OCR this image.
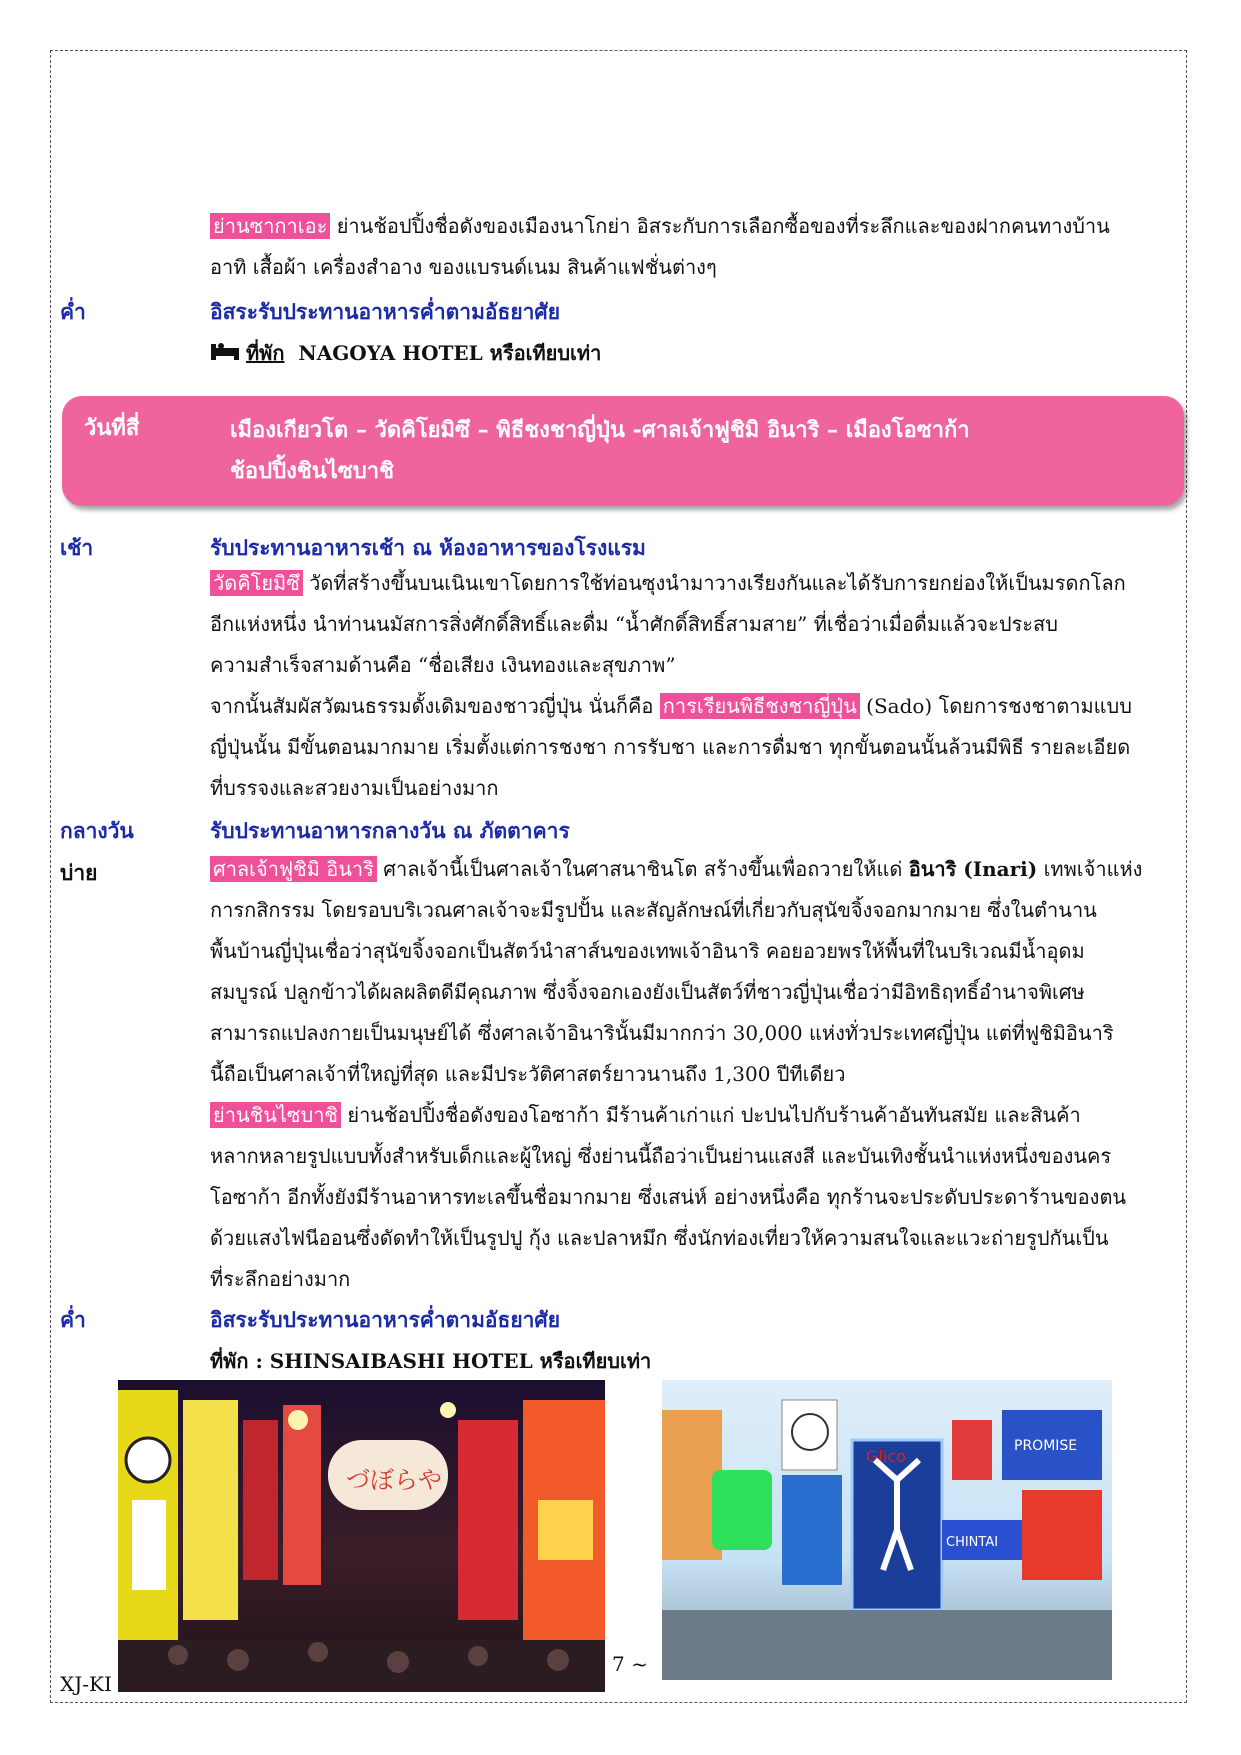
ย่านซากาเอะ ย่านช้อปปิ้งชื่อดังของเมืองนาโกย่า อิสระกับการเลือกซื้อของที่ระลึกและของฝากคนทางบ้าน
อาทิ เสื้อผ้า เครื่องสำอาง ของแบรนด์เนม สินค้าแฟชั่นต่างๆ
ค่ำ	อิสระรับประทานอาหารค่ำตามอัธยาศัย
ที่พัก NAGOYA HOTEL หรือเทียบเท่า
วันที่สี่	เมืองเกียวโต – วัดคิโยมิซึ – พิธีชงชาญี่ปุ่น -ศาลเจ้าฟูชิมิ อินาริ – เมืองโอซาก้า
ช้อปปิ้งชินไซบาชิ
เช้า	รับประทานอาหารเช้า ณ ห้องอาหารของโรงแรม
วัดคิโยมิซึ วัดที่สร้างขึ้นบนเนินเขาโดยการใช้ท่อนซุงนำมาวางเรียงกันและได้รับการยกย่องให้เป็นมรดกโลก
อีกแห่งหนึ่ง นำท่านนมัสการสิ่งศักดิ์สิทธิ์และดื่ม “น้ำศักดิ์สิทธิ์สามสาย” ที่เชื่อว่าเมื่อดื่มแล้วจะประสบ
ความสำเร็จสามด้านคือ “ชื่อเสียง เงินทองและสุขภาพ”
จากนั้นสัมผัสวัฒนธรรมดั้งเดิมของชาวญี่ปุ่น นั่นก็คือ การเรียนพิธีชงชาญี่ปุ่น (Sado) โดยการชงชาตามแบบ
ญี่ปุ่นนั้น มีขั้นตอนมากมาย เริ่มตั้งแต่การชงชา การรับชา และการดื่มชา ทุกขั้นตอนนั้นล้วนมีพิธี รายละเอียด
ที่บรรจงและสวยงามเป็นอย่างมาก
กลางวัน	รับประทานอาหารกลางวัน ณ ภัตตาคาร
บ่าย	ศาลเจ้าฟูชิมิ อินาริ ศาลเจ้านี้เป็นศาลเจ้าในศาสนาชินโต สร้างขึ้นเพื่อถวายให้แด่ อินาริ (Inari) เทพเจ้าแห่ง
การกสิกรรม โดยรอบบริเวณศาลเจ้าจะมีรูปปั้น และสัญลักษณ์ที่เกี่ยวกับสุนัขจิ้งจอกมากมาย ซึ่งในตำนาน
พื้นบ้านญี่ปุ่นเชื่อว่าสุนัขจิ้งจอกเป็นสัตว์นำสาส์นของเทพเจ้าอินาริ คอยอวยพรให้พื้นที่ในบริเวณมีน้ำอุดม
สมบูรณ์ ปลูกข้าวได้ผลผลิตดีมีคุณภาพ ซึ่งจิ้งจอกเองยังเป็นสัตว์ที่ชาวญี่ปุ่นเชื่อว่ามีอิทธิฤทธิ์อำนาจพิเศษ
สามารถแปลงกายเป็นมนุษย์ได้ ซึ่งศาลเจ้าอินารินั้นมีมากกว่า 30,000 แห่งทั่วประเทศญี่ปุ่น แต่ที่ฟูชิมิอินาริ
นี้ถือเป็นศาลเจ้าที่ใหญ่ที่สุด และมีประวัติศาสตร์ยาวนานถึง 1,300 ปีทีเดียว
ย่านชินไซบาชิ ย่านช้อปปิ้งชื่อดังของโอซาก้า มีร้านค้าเก่าแก่ ปะปนไปกับร้านค้าอันทันสมัย และสินค้า
หลากหลายรูปแบบทั้งสำหรับเด็กและผู้ใหญ่ ซึ่งย่านนี้ถือว่าเป็นย่านแสงสี และบันเทิงชั้นนำแห่งหนึ่งของนคร
โอซาก้า อีกทั้งยังมีร้านอาหารทะเลขึ้นชื่อมากมาย ซึ่งเสน่ห์ อย่างหนึ่งคือ ทุกร้านจะประดับประดาร้านของตน
ด้วยแสงไฟนีออนซึ่งดัดทำให้เป็นรูปปู กุ้ง และปลาหมึก ซึ่งนักท่องเที่ยวให้ความสนใจและแวะถ่ายรูปกันเป็น
ที่ระลึกอย่างมาก
ค่ำ	อิสระรับประทานอาหารค่ำตามอัธยาศัย
ที่พัก : SHINSAIBASHI HOTEL หรือเทียบเท่า
づぼらや
Glico
CHINTAI
PROMISE
7 ~
XJ-KI
